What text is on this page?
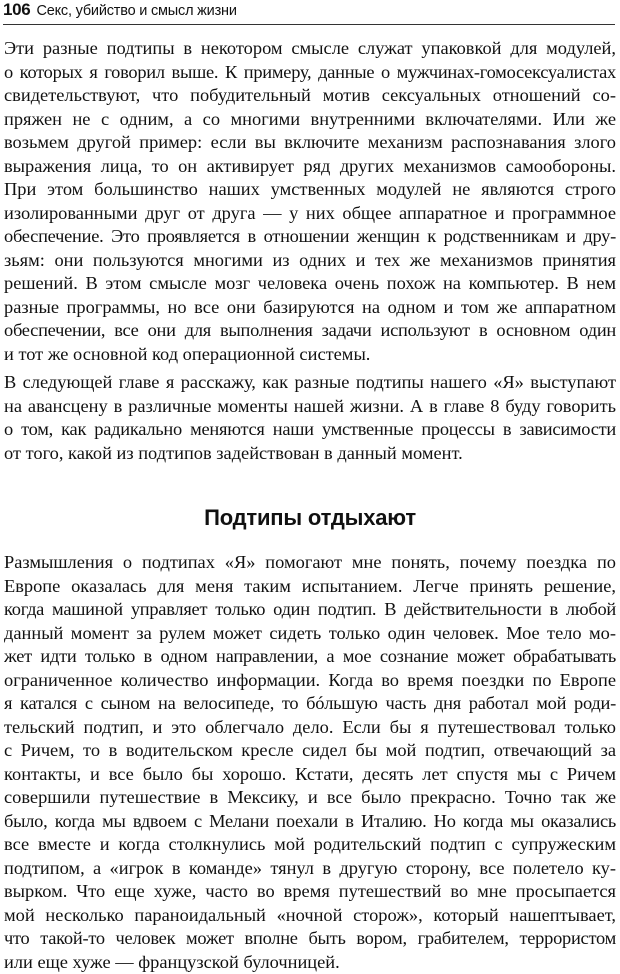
106 Секс, убийство и смысл жизни
Эти разные подтипы в некотором смысле служат упаковкой для модулей,
о которых я говорил выше. К примеру, данные о мужчинах-гомосексуалистах
свидетельствуют, что побудительный мотив сексуальных отношений со-
пряжен не с одним, а со многими внутренними включателями. Или же
возьмем другой пример: если вы включите механизм распознавания злого
выражения лица, то он активирует ряд других механизмов самообороны.
При этом большинство наших умственных модулей не являются строго
изолированными друг от друга — у них общее аппаратное и программное
обеспечение. Это проявляется в отношении женщин к родственникам и дру-
зьям: они пользуются многими из одних и тех же механизмов принятия
решений. В этом смысле мозг человека очень похож на компьютер. В нем
разные программы, но все они базируются на одном и том же аппаратном
обеспечении, все они для выполнения задачи используют в основном один
и тот же основной код операционной системы.
В следующей главе я расскажу, как разные подтипы нашего «Я» выступают
на авансцену в различные моменты нашей жизни. А в главе 8 буду говорить
о том, как радикально меняются наши умственные процессы в зависимости
от того, какой из подтипов задействован в данный момент.
Подтипы отдыхают
Размышления о подтипах «Я» помогают мне понять, почему поездка по
Европе оказалась для меня таким испытанием. Легче принять решение,
когда машиной управляет только один подтип. В действительности в любой
данный момент за рулем может сидеть только один человек. Мое тело мо-
жет идти только в одном направлении, а мое сознание может обрабатывать
ограниченное количество информации. Когда во время поездки по Европе
я катался с сыном на велосипеде, то бóльшую часть дня работал мой роди-
тельский подтип, и это облегчало дело. Если бы я путешествовал только
с Ричем, то в водительском кресле сидел бы мой подтип, отвечающий за
контакты, и все было бы хорошо. Кстати, десять лет спустя мы с Ричем
совершили путешествие в Мексику, и все было прекрасно. Точно так же
было, когда мы вдвоем с Мелани поехали в Италию. Но когда мы оказались
все вместе и когда столкнулись мой родительский подтип с супружеским
подтипом, а «игрок в команде» тянул в другую сторону, все полетело ку-
вырком. Что еще хуже, часто во время путешествий во мне просыпается
мой несколько параноидальный «ночной сторож», который нашептывает,
что такой-то человек может вполне быть вором, грабителем, террористом
или еще хуже — французской булочницей.
